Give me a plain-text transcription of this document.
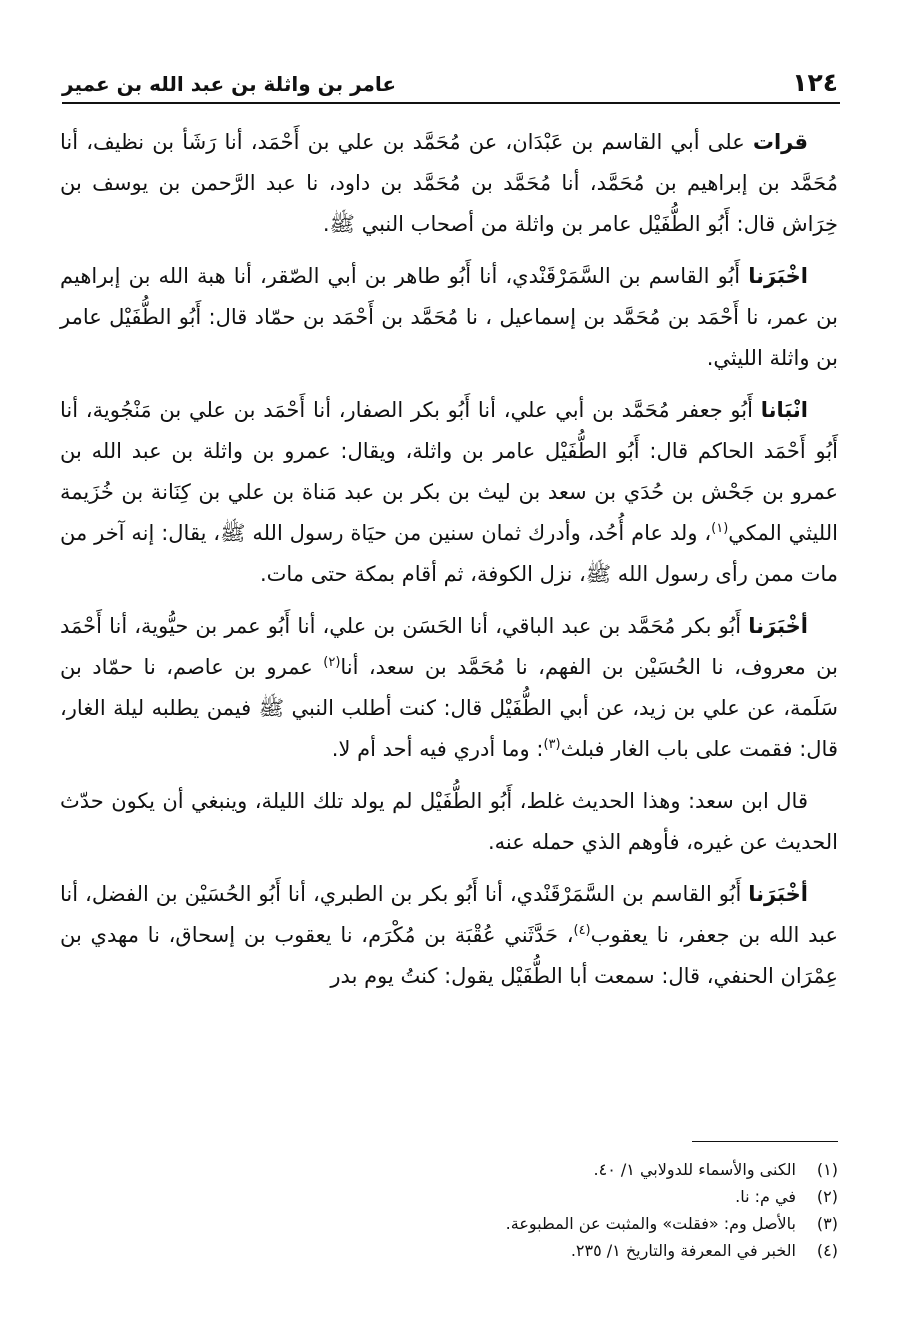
١٢٤
عامر بن واثلة بن عبد الله بن عمير

قرات على أبي القاسم بن عَبْدَان، عن مُحَمَّد بن علي بن أَحْمَد، أنا رَشَأ بن نظيف، أنا مُحَمَّد بن إبراهيم بن مُحَمَّد، أنا مُحَمَّد بن مُحَمَّد بن داود، نا عبد الرَّحمن بن يوسف بن خِرَاش قال: أَبُو الطُّفَيْل عامر بن واثلة من أصحاب النبي ﷺ.

اخْبَرَنا أَبُو القاسم بن السَّمَرْقَنْدي، أنا أَبُو طاهر بن أبي الصّقر، أنا هبة الله بن إبراهيم بن عمر، نا أَحْمَد بن مُحَمَّد بن إسماعيل ، نا مُحَمَّد بن أَحْمَد بن حمّاد قال: أَبُو الطُّفَيْل عامر بن واثلة الليثي.

انْبَانا أَبُو جعفر مُحَمَّد بن أبي علي، أنا أَبُو بكر الصفار، أنا أَحْمَد بن علي بن مَنْجُوية، أنا أَبُو أَحْمَد الحاكم قال: أَبُو الطُّفَيْل عامر بن واثلة، ويقال: عمرو بن واثلة بن عبد الله بن عمرو بن جَحْش بن حُدَي بن سعد بن ليث بن بكر بن عبد مَناة بن علي بن كِنَانة بن خُزَيمة الليثي المكي$^{(١)}$، ولد عام أُحُد، وأدرك ثمان سنين من حيَاة رسول الله ﷺ، يقال: إنه آخر من مات ممن رأى رسول الله ﷺ، نزل الكوفة، ثم أقام بمكة حتى مات.

أخْبَرَنا أَبُو بكر مُحَمَّد بن عبد الباقي، أنا الحَسَن بن علي، أنا أَبُو عمر بن حيُّوية، أنا أَحْمَد بن معروف، نا الحُسَيْن بن الفهم، نا مُحَمَّد بن سعد، أنا$^{(٢)}$ عمرو بن عاصم، نا حمّاد بن سَلَمة، عن علي بن زيد، عن أبي الطُّفَيْل قال: كنت أطلب النبي ﷺ فيمن يطلبه ليلة الغار، قال: فقمت على باب الغار فبلث$^{(٣)}$: وما أدري فيه أحد أم لا.

قال ابن سعد: وهذا الحديث غلط، أَبُو الطُّفَيْل لم يولد تلك الليلة، وينبغي أن يكون حدّث الحديث عن غيره، فأوهم الذي حمله عنه.

أخْبَرَنا أَبُو القاسم بن السَّمَرْقَنْدي، أنا أَبُو بكر بن الطبري، أنا أَبُو الحُسَيْن بن الفضل، أنا عبد الله بن جعفر، نا يعقوب$^{(٤)}$، حَدَّثَني عُقْبَة بن مُكْرَم، نا يعقوب بن إسحاق، نا مهدي بن عِمْرَان الحنفي، قال: سمعت أبا الطُّفَيْل يقول: كنتُ يوم بدر

(١)
الكنى والأسماء للدولابي ١/ ٤٠.
(٢)
في م: نا.
(٣)
بالأصل وم: «فقلت» والمثبت عن المطبوعة.
(٤)
الخبر في المعرفة والتاريخ ١/ ٢٣٥.
